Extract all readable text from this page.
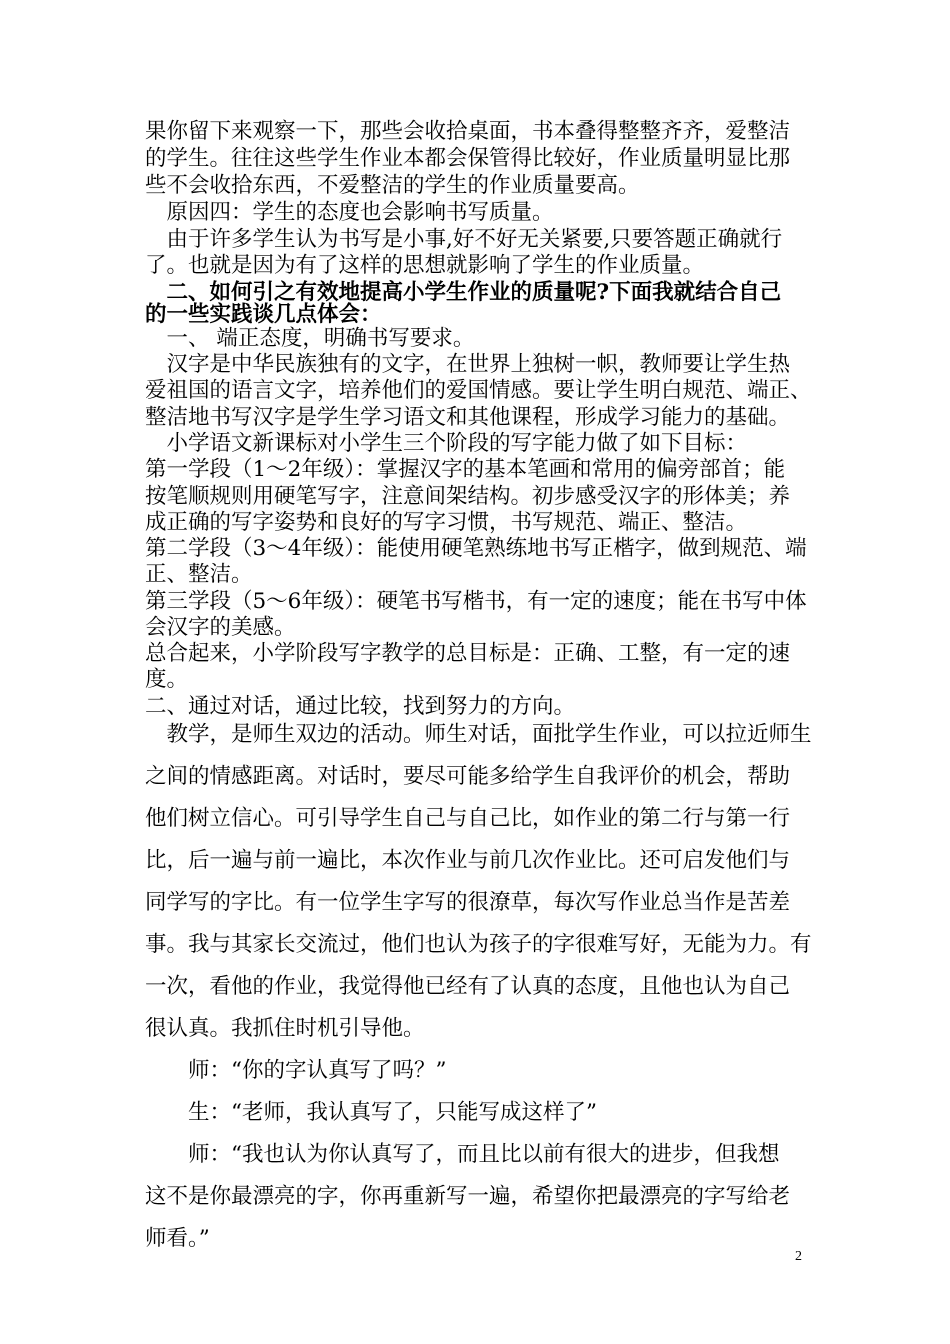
果你留下来观察一下，那些会收拾桌面，书本叠得整整齐齐，爱整洁
的学生。往往这些学生作业本都会保管得比较好，作业质量明显比那
些不会收拾东西，不爱整洁的学生的作业质量要高。
　原因四：学生的态度也会影响书写质量。
　由于许多学生认为书写是小事,好不好无关紧要,只要答题正确就行
了。也就是因为有了这样的思想就影响了学生的作业质量。
　二、如何引之有效地提高小学生作业的质量呢?下面我就结合自己
的一些实践谈几点体会：
　一、 端正态度，明确书写要求。
　汉字是中华民族独有的文字，在世界上独树一帜，教师要让学生热
爱祖国的语言文字，培养他们的爱国情感。要让学生明白规范、端正、
整洁地书写汉字是学生学习语文和其他课程，形成学习能力的基础。
　小学语文新课标对小学生三个阶段的写字能力做了如下目标：
第一学段（1～2年级）：掌握汉字的基本笔画和常用的偏旁部首；能
按笔顺规则用硬笔写字，注意间架结构。初步感受汉字的形体美；养
成正确的写字姿势和良好的写字习惯，书写规范、端正、整洁。
第二学段（3～4年级）：能使用硬笔熟练地书写正楷字，做到规范、端
正、整洁。
第三学段（5～6年级）：硬笔书写楷书，有一定的速度；能在书写中体
会汉字的美感。
总合起来，小学阶段写字教学的总目标是：正确、工整，有一定的速
度。
二、通过对话，通过比较，找到努力的方向。
　教学，是师生双边的活动。师生对话，面批学生作业，可以拉近师生
之间的情感距离。对话时，要尽可能多给学生自我评价的机会，帮助
他们树立信心。可引导学生自己与自己比，如作业的第二行与第一行
比，后一遍与前一遍比，本次作业与前几次作业比。还可启发他们与
同学写的字比。有一位学生字写的很潦草，每次写作业总当作是苦差
事。我与其家长交流过，他们也认为孩子的字很难写好，无能为力。有
一次，看他的作业，我觉得他已经有了认真的态度，且他也认为自己
很认真。我抓住时机引导他。
　　师：“你的字认真写了吗？”
　　生：“老师，我认真写了，只能写成这样了”
　　师：“我也认为你认真写了，而且比以前有很大的进步，但我想
这不是你最漂亮的字，你再重新写一遍，希望你把最漂亮的字写给老
师看。”
2
